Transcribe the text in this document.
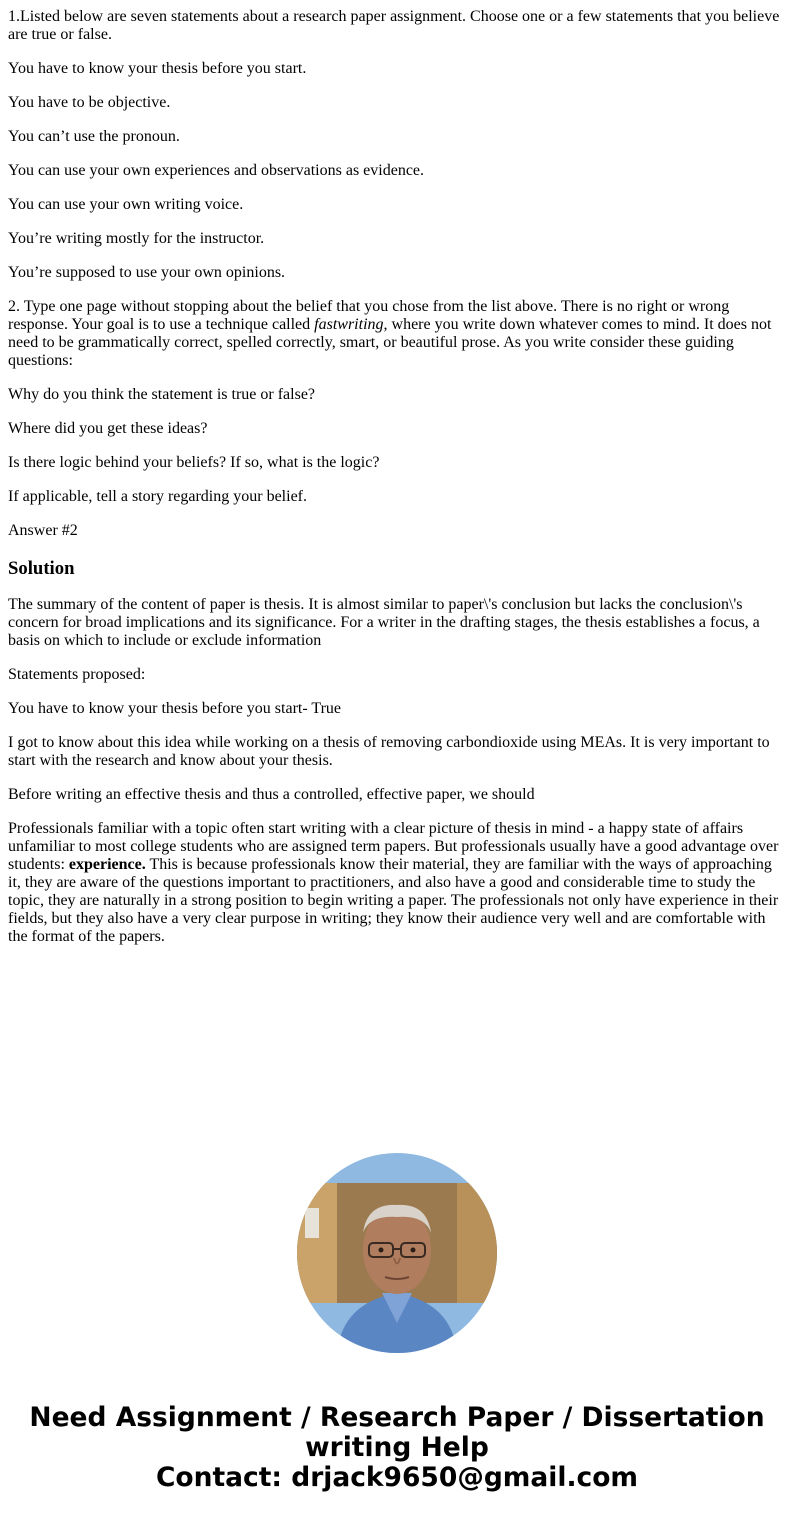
1.Listed below are seven statements about a research paper assignment. Choose one or a few statements that you believe are true or false.

You have to know your thesis before you start.

You have to be objective.

You can’t use the pronoun.

You can use your own experiences and observations as evidence.

You can use your own writing voice.

You’re writing mostly for the instructor.

You’re supposed to use your own opinions.

2. Type one page without stopping about the belief that you chose from the list above. There is no right or wrong response. Your goal is to use a technique called fastwriting, where you write down whatever comes to mind. It does not need to be grammatically correct, spelled correctly, smart, or beautiful prose. As you write consider these guiding questions:

Why do you think the statement is true or false?

Where did you get these ideas?

Is there logic behind your beliefs? If so, what is the logic?

If applicable, tell a story regarding your belief.

Answer #2

Solution

The summary of the content of paper is thesis. It is almost similar to paper\'s conclusion but lacks the conclusion\'s concern for broad implications and its significance. For a writer in the drafting stages, the thesis establishes a focus, a basis on which to include or exclude information

Statements proposed:

You have to know your thesis before you start- True

I got to know about this idea while working on a thesis of removing carbondioxide using MEAs. It is very important to start with the research and know about your thesis.

Before writing an effective thesis and thus a controlled, effective paper, we should

Professionals familiar with a topic often start writing with a clear picture of thesis in mind - a happy state of affairs unfamiliar to most college students who are assigned term papers. But professionals usually have a good advantage over students: experience. This is because professionals know their material, they are familiar with the ways of approaching it, they are aware of the questions important to practitioners, and also have a good and considerable time to study the topic, they are naturally in a strong position to begin writing a paper. The professionals not only have experience in their fields, but they also have a very clear purpose in writing; they know their audience very well and are comfortable with the format of the papers.

Need Assignment / Research Paper / Dissertation
writing Help
Contact: drjack9650@gmail.com
